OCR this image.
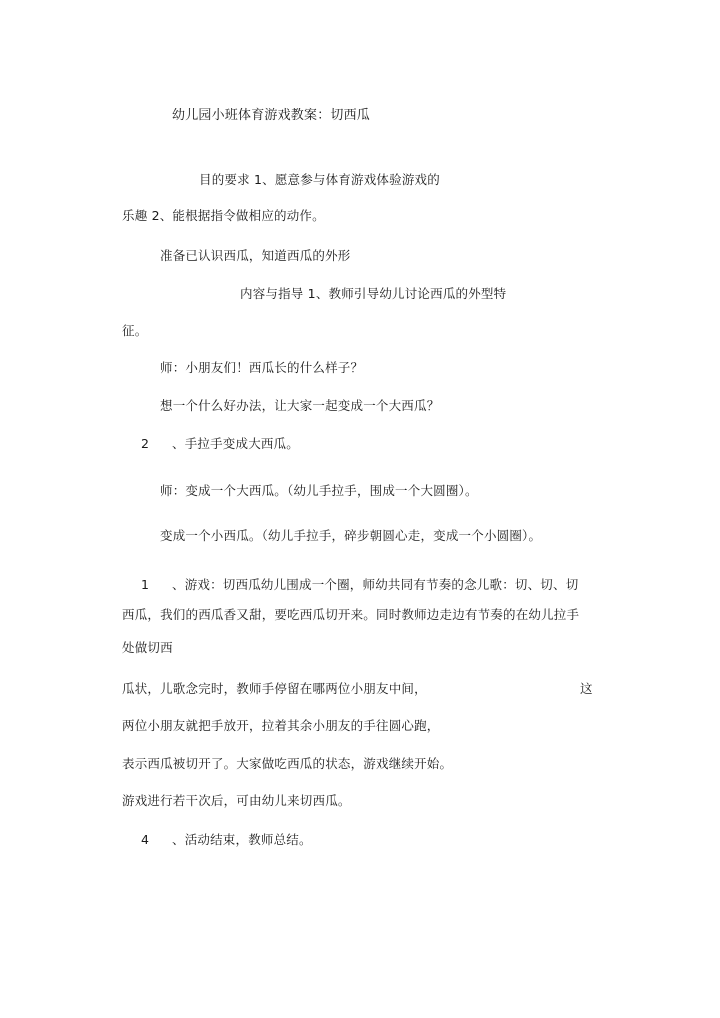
幼儿园小班体育游戏教案：切西瓜
目的要求 1、愿意参与体育游戏体验游戏的
乐趣 2、能根据指令做相应的动作。
准备已认识西瓜，知道西瓜的外形
内容与指导 1、教师引导幼儿讨论西瓜的外型特
征。
师：小朋友们！西瓜长的什么样子？
想一个什么好办法，让大家一起变成一个大西瓜？
2 、手拉手变成大西瓜。
师：变成一个大西瓜。（幼儿手拉手，围成一个大圆圈）。
变成一个小西瓜。（幼儿手拉手，碎步朝圆心走，变成一个小圆圈）。
1 、游戏：切西瓜幼儿围成一个圈，师幼共同有节奏的念儿歌：切、切、切
西瓜，我们的西瓜香又甜，要吃西瓜切开来。同时教师边走边有节奏的在幼儿拉手
处做切西
瓜状，儿歌念完时，教师手停留在哪两位小朋友中间，	这
两位小朋友就把手放开，拉着其余小朋友的手往圆心跑，
表示西瓜被切开了。大家做吃西瓜的状态，游戏继续开始。
游戏进行若干次后，可由幼儿来切西瓜。
4 、活动结束，教师总结。
